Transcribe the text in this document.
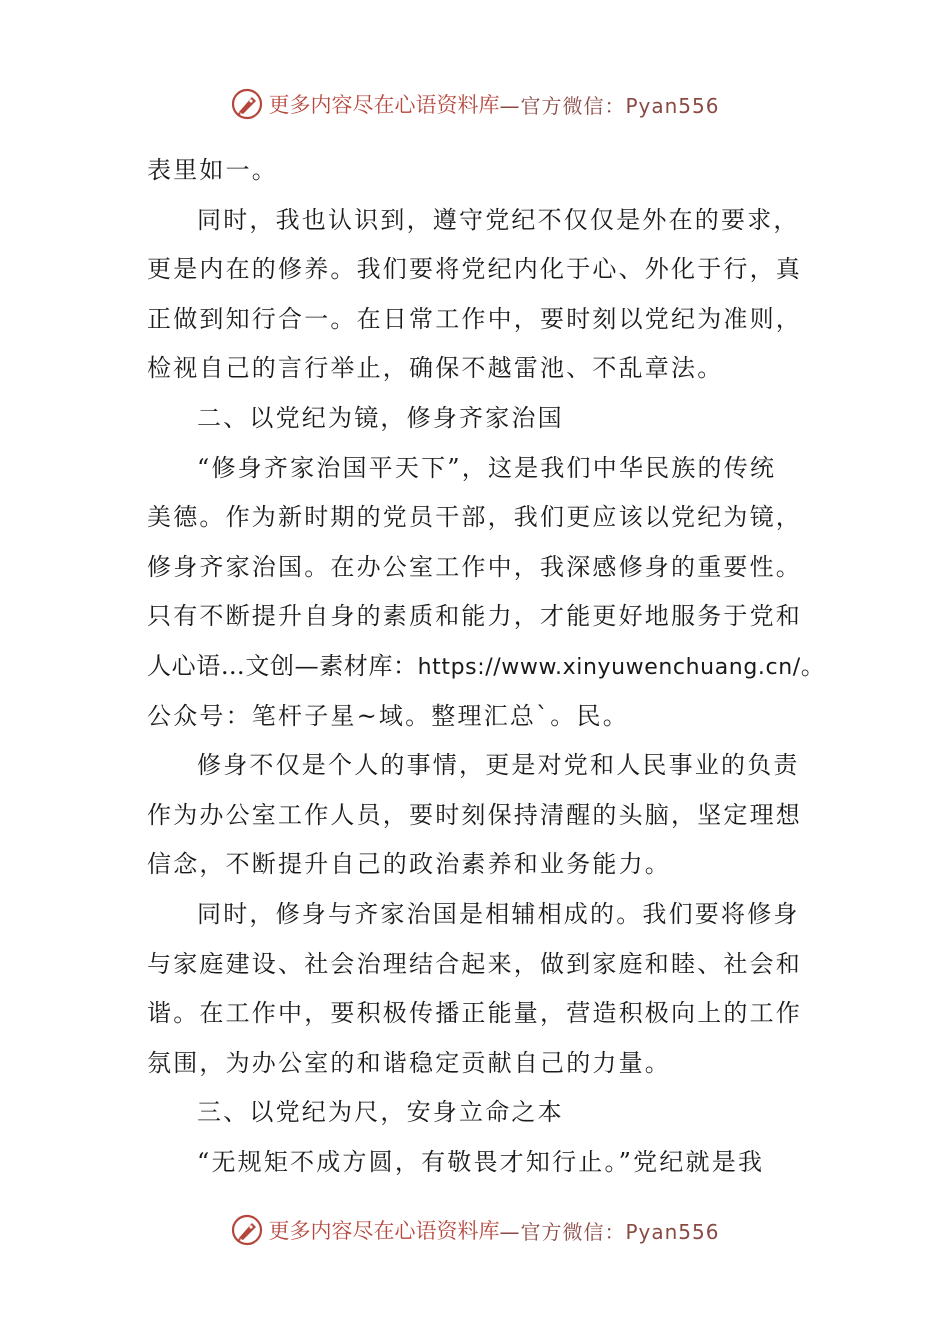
更多内容尽在心语资料库 —官方微信：Pyan556
表里如一。
同时，我也认识到，遵守党纪不仅仅是外在的要求，
更是内在的修养。我们要将党纪内化于心、外化于行，真
正做到知行合一。在日常工作中，要时刻以党纪为准则，
检视自己的言行举止，确保不越雷池、不乱章法。
二、以党纪为镜，修身齐家治国
“修身齐家治国平天下”，这是我们中华民族的传统
美德。作为新时期的党员干部，我们更应该以党纪为镜，
修身齐家治国。在办公室工作中，我深感修身的重要性。
只有不断提升自身的素质和能力，才能更好地服务于党和
人心语…文创—素材库：https://www.xinyuwenchuang.cn/。
公众号：笔杆子星~域。整理汇总`。民。
修身不仅是个人的事情，更是对党和人民事业的负责
作为办公室工作人员，要时刻保持清醒的头脑，坚定理想
信念，不断提升自己的政治素养和业务能力。
同时，修身与齐家治国是相辅相成的。我们要将修身
与家庭建设、社会治理结合起来，做到家庭和睦、社会和
谐。在工作中，要积极传播正能量，营造积极向上的工作
氛围，为办公室的和谐稳定贡献自己的力量。
三、以党纪为尺，安身立命之本
“无规矩不成方圆，有敬畏才知行止。”党纪就是我
更多内容尽在心语资料库 —官方微信：Pyan556
